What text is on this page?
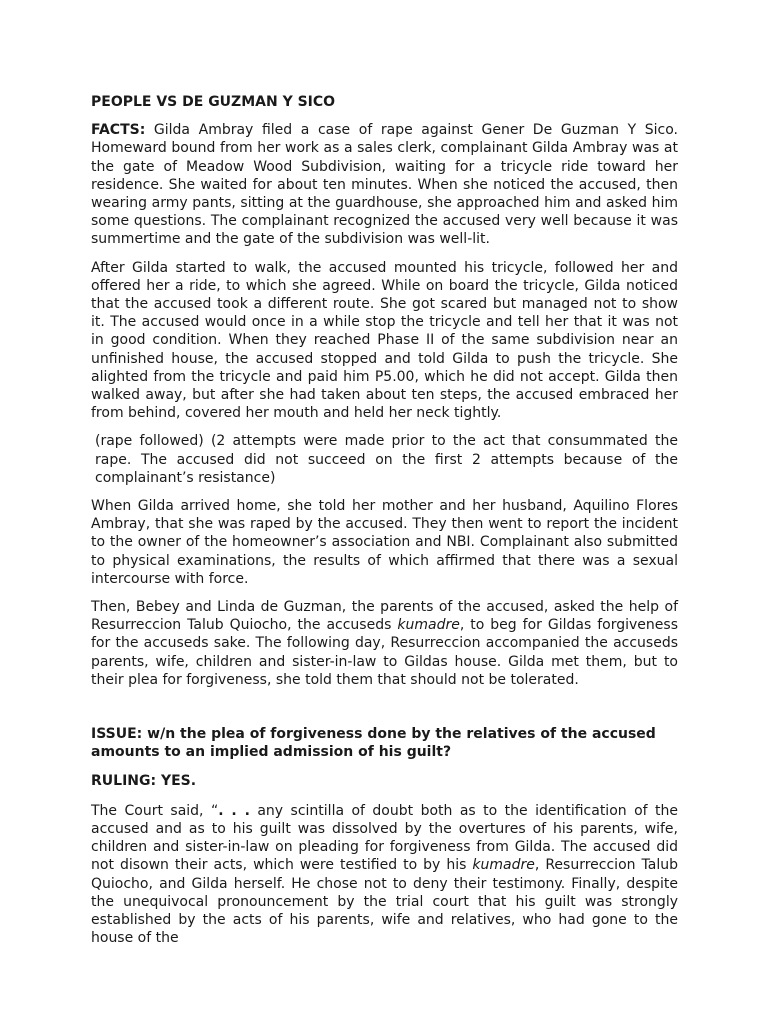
PEOPLE VS DE GUZMAN Y SICO

FACTS: Gilda Ambray filed a case of rape against Gener De Guzman Y Sico. Homeward bound from her work as a sales clerk, complainant Gilda Ambray was at the gate of Meadow Wood Subdivision, waiting for a tricycle ride toward her residence. She waited for about ten minutes. When she noticed the accused, then wearing army pants, sitting at the guardhouse, she approached him and asked him some questions. The complainant recognized the accused very well because it was summertime and the gate of the subdivision was well-lit.

After Gilda started to walk, the accused mounted his tricycle, followed her and offered her a ride, to which she agreed. While on board the tricycle, Gilda noticed that the accused took a different route. She got scared but managed not to show it. The accused would once in a while stop the tricycle and tell her that it was not in good condition. When they reached Phase II of the same subdivision near an unfinished house, the accused stopped and told Gilda to push the tricycle. She alighted from the tricycle and paid him P5.00, which he did not accept. Gilda then walked away, but after she had taken about ten steps, the accused embraced her from behind, covered her mouth and held her neck tightly.

(rape followed) (2 attempts were made prior to the act that consummated the rape. The accused did not succeed on the first 2 attempts because of the complainant’s resistance)

When Gilda arrived home, she told her mother and her husband, Aquilino Flores Ambray, that she was raped by the accused. They then went to report the incident to the owner of the homeowner’s association and NBI. Complainant also submitted to physical examinations, the results of which affirmed that there was a sexual intercourse with force.

Then, Bebey and Linda de Guzman, the parents of the accused, asked the help of Resurreccion Talub Quiocho, the accuseds kumadre, to beg for Gildas forgiveness for the accuseds sake. The following day, Resurreccion accompanied the accuseds parents, wife, children and sister-in-law to Gildas house. Gilda met them, but to their plea for forgiveness, she told them that should not be tolerated.

ISSUE: w/n the plea of forgiveness done by the relatives of the accused amounts to an implied admission of his guilt?
RULING: YES.

The Court said, “. . . any scintilla of doubt both as to the identification of the accused and as to his guilt was dissolved by the overtures of his parents, wife, children and sister-in-law on pleading for forgiveness from Gilda. The accused did not disown their acts, which were testified to by his kumadre, Resurreccion Talub Quiocho, and Gilda herself. He chose not to deny their testimony. Finally, despite the unequivocal pronouncement by the trial court that his guilt was strongly established by the acts of his parents, wife and relatives, who had gone to the house of the
